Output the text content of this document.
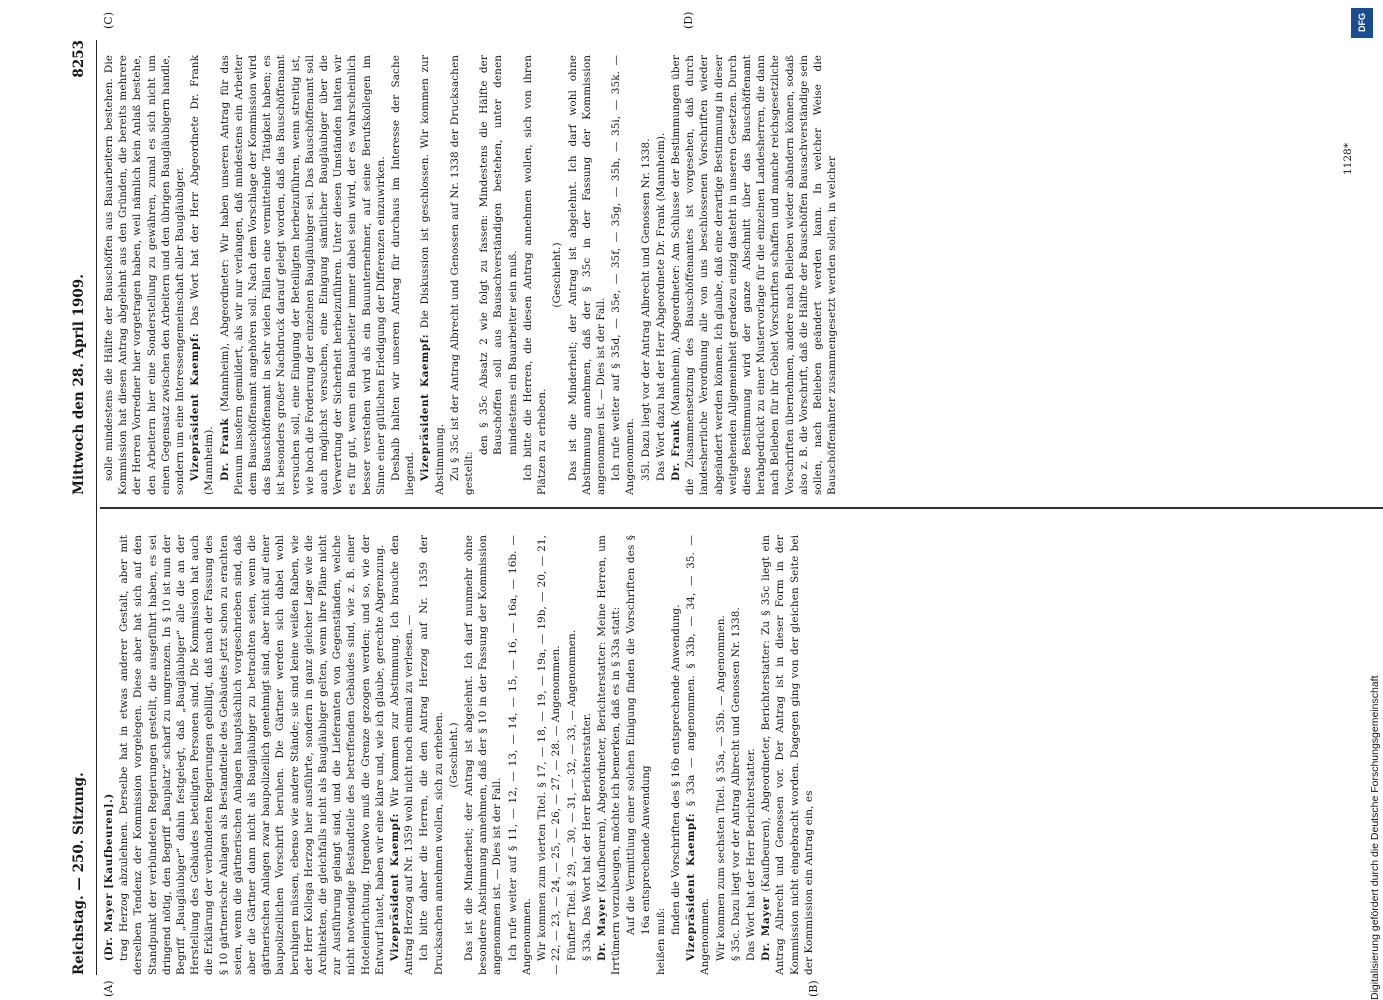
Reichstag. — 250. Sitzung.
Mittwoch den 28. April 1909.
8253
(A)	(B)
(C)	(D)

(Dr. Mayer [Kaufbeuren].) trag Herzog abzulehnen. Derselbe hat in etwas anderer Gestalt, aber mit derselben Tendenz der Kommission vorgelegen. Diese aber hat sich auf den Standpunkt der verbündeten Regierungen gestellt, die ausgeführt haben, es sei dringend nötig, den Begriff „Bauplatz“ scharf zu umgrenzen. In § 10 ist nun der Begriff „Baugläubiger“ dahin festgelegt, daß „Baugläubiger“ alle die an der Herstellung des Gebäudes beteiligten Personen sind. Die Kommission hat auch die Erklärung der verbündeten Regierungen gebilligt, daß nach der Fassung des § 10 gärtnerische Anlagen als Bestandteile des Gebäudes jetzt schon zu erachten seien, wenn die gärtnerischen Anlagen hauptsächlich vorgeschrieben sind, daß aber die Gärtner dann nicht als Baugläubiger zu betrachten seien, wenn die gärtnerischen Anlagen zwar baupolizeilich genehmigt sind, aber nicht auf einer baupolizeilichen Vorschrift beruhen. Die Gärtner werden sich dabei wohl beruhigen müssen, ebenso wie andere Stände; sie sind keine weißen Raben, wie der Herr Kollega Herzog hier ausführte, sondern in ganz gleicher Lage wie die Architekten, die gleichfalls nicht als Baugläubiger gelten, wenn ihre Pläne nicht zur Ausführung gelangt sind, und die Lieferanten von Gegenständen, welche nicht notwendige Bestandteile des betreffenden Gebäudes sind, wie z. B. einer Hoteleinrichtung. Irgendwo muß die Grenze gezogen werden; und so, wie der Entwurf lautet, haben wir eine klare und, wie ich glaube, gerechte Abgrenzung. Vizepräsident Kaempf: Wir kommen zur Abstimmung. Ich brauche den Antrag Herzog auf Nr. 1359 wohl nicht noch einmal zu verlesen. — Ich bitte daher die Herren, die den Antrag Herzog auf Nr. 1359 der Drucksachen annehmen wollen, sich zu erheben. (Geschieht.) Das ist die Minderheit; der Antrag ist abgelehnt. Ich darf nunmehr ohne besondere Abstimmung annehmen, daß der § 10 in der Fassung der Kommission angenommen ist. — Dies ist der Fall. Ich rufe weiter auf § 11, — 12, — 13, — 14, — 15, — 16, — 16a, — 16b. — Angenommen. Wir kommen zum vierten Titel. § 17, — 18, — 19, — 19a, — 19b, — 20, — 21, — 22, — 23, — 24, — 25, — 26, — 27, — 28. — Angenommen. Fünfter Titel. § 29, — 30, — 31, — 32, — 33, — Angenommen. § 33a. Das Wort hat der Herr Berichterstatter. Dr. Mayer (Kaufbeuren), Abgeordneter, Berichterstatter: Meine Herren, um Irrtümern vorzubeugen, möchte ich bemerken, daß es in § 33a statt: Auf die Vermittlung einer solchen Einigung finden die Vorschriften des § 16a entsprechende Anwendung

heißen muß:

finden die Vorschriften des § 16b entsprechende Anwendung. Vizepräsident Kaempf: § 33a — angenommen. § 33b, — 34, — 35. — Angenommen. Wir kommen zum sechsten Titel. § 35a, — 35b. — Angenommen. § 35c. Dazu liegt vor der Antrag Albrecht und Genossen Nr. 1338. Das Wort hat der Herr Berichterstatter. Dr. Mayer (Kaufbeuren), Abgeordneter, Berichterstatter: Zu § 35c liegt ein Antrag Albrecht und Genossen vor. Der Antrag ist in dieser Form in der Kommission nicht eingebracht worden. Dagegen ging von der gleichen Seite bei der Kommission ein Antrag ein, es

solle mindestens die Hälfte der Bauschöffen aus Bauarbeitern bestehen. Die Kommission hat diesen Antrag abgelehnt aus den Gründen, die bereits mehrere der Herren Vorredner hier vorgetragen haben, weil nämlich kein Anlaß bestehe, den Arbeitern hier eine Sonderstellung zu gewähren, zumal es sich nicht um einen Gegensatz zwischen den Arbeitern und den übrigen Baugläubigern handle, sondern um eine Interessengemeinschaft aller Baugläubiger. Vizepräsident Kaempf: Das Wort hat der Herr Abgeordnete Dr. Frank (Mannheim). Dr. Frank (Mannheim), Abgeordneter: Wir haben unseren Antrag für das Plenum insofern gemildert, als wir nur verlangen, daß mindestens ein Arbeiter dem Bauschöffenamt angehören soll. Nach dem Vorschlage der Kommission wird das Bauschöffenamt in sehr vielen Fällen eine vermittelnde Tätigkeit haben; es ist besonders großer Nachdruck darauf gelegt worden, daß das Bauschöffenamt versuchen soll, eine Einigung der Beteiligten herbeizuführen, wenn streitig ist, wie hoch die Forderung der einzelnen Baugläubiger sei. Das Bauschöffenamt soll auch möglichst versuchen, eine Einigung sämtlicher Baugläubiger über die Verwertung der Sicherheit herbeizuführen. Unter diesen Umständen halten wir es für gut, wenn ein Bauarbeiter immer dabei sein wird, der es wahrscheinlich besser verstehen wird als ein Bauunternehmer, auf seine Berufskollegen im Sinne einer gütlichen Erledigung der Differenzen einzuwirken. Deshalb halten wir unseren Antrag für durchaus im Interesse der Sache liegend. Vizepräsident Kaempf: Die Diskussion ist geschlossen. Wir kommen zur Abstimmung. Zu § 35c ist der Antrag Albrecht und Genossen auf Nr. 1338 der Drucksachen gestellt:

den § 35c Absatz 2 wie folgt zu fassen: Mindestens die Hälfte der Bauschöffen soll aus Bausachverständigen bestehen, unter denen mindestens ein Bauarbeiter sein muß. Ich bitte die Herren, die diesen Antrag annehmen wollen, sich von ihren Plätzen zu erheben.

(Geschieht.) Das ist die Minderheit; der Antrag ist abgelehnt. Ich darf wohl ohne Abstimmung annehmen, daß der § 35c in der Fassung der Kommission angenommen ist. — Dies ist der Fall. Ich rufe weiter auf § 35d, — 35e, — 35f, — 35g, — 35h, — 35i, — 35k. — Angenommen. 35l. Dazu liegt vor der Antrag Albrecht und Genossen Nr. 1338. Das Wort dazu hat der Herr Abgeordnete Dr. Frank (Mannheim). Dr. Frank (Mannheim), Abgeordneter: Am Schlusse der Bestimmungen über die Zusammensetzung des Bauschöffenamtes ist vorgesehen, daß durch landesherrliche Verordnung alle von uns beschlossenen Vorschriften wieder abgeändert werden können. Ich glaube, daß eine derartige Bestimmung in dieser weitgehenden Allgemeinheit geradezu einzig dasteht in unseren Gesetzen. Durch diese Bestimmung wird der ganze Abschnitt über das Bauschöffenamt herabgedrückt zu einer Mustervorlage für die einzelnen Landesherren, die dann nach Belieben für ihr Gebiet Vorschriften schaffen und manche reichsgesetzliche Vorschriften übernehmen, andere nach Belieben wieder abändern können, sodaß also z. B. die Vorschrift, daß die Hälfte der Bauschöffen Bausachverständige sein sollen, nach Belieben geändert werden kann. In welcher Weise die Bauschöffenämter zusammengesetzt werden sollen, in welcher	1128*
DFG
Digitalisierung gefördert durch die Deutsche Forschungsgemeinschaft
